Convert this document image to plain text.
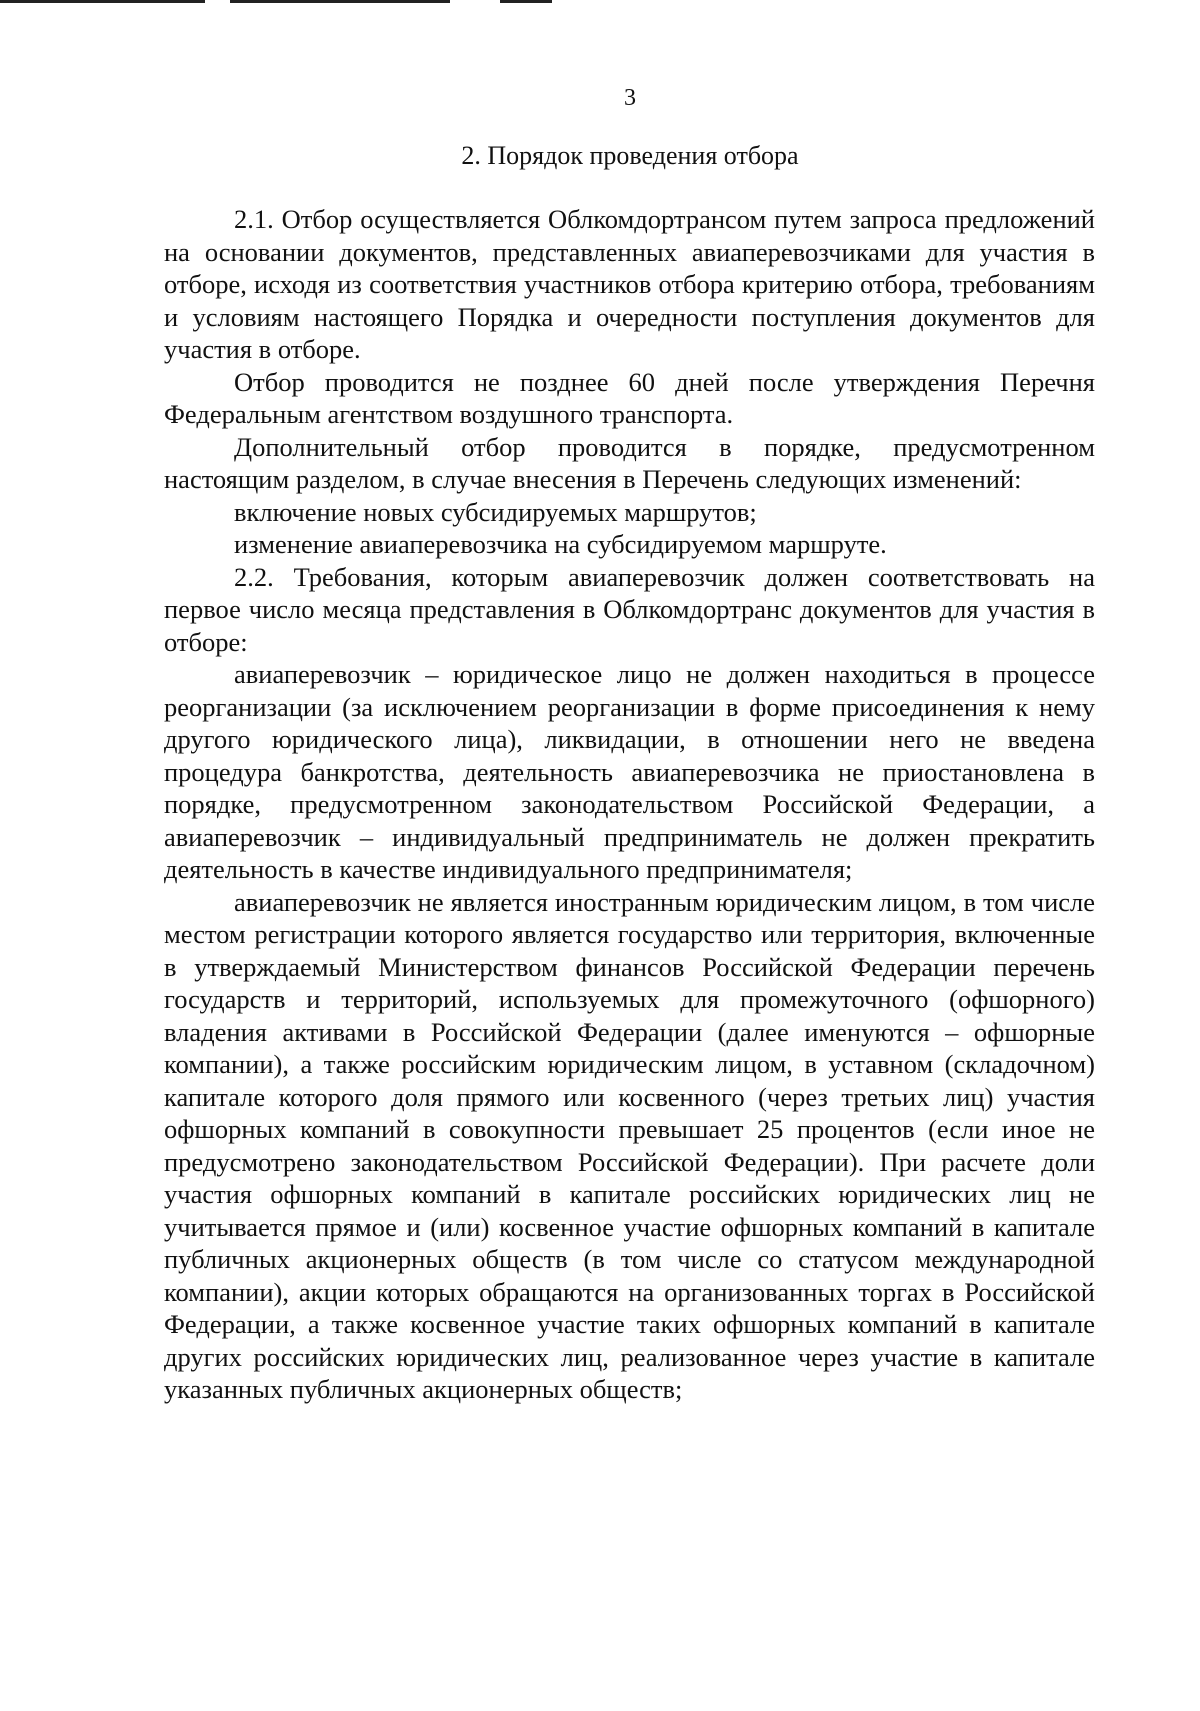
3
2. Порядок проведения отбора

2.1. Отбор осуществляется Облкомдортрансом путем запроса предложений на основании документов, представленных авиаперевозчиками для участия в отборе, исходя из соответствия участников отбора критерию отбора, требованиям и условиям настоящего Порядка и очередности поступления документов для участия в отборе.

Отбор проводится не позднее 60 дней после утверждения Перечня Федеральным агентством воздушного транспорта.

Дополнительный отбор проводится в порядке, предусмотренном настоящим разделом, в случае внесения в Перечень следующих изменений:

включение новых субсидируемых маршрутов;

изменение авиаперевозчика на субсидируемом маршруте.

2.2. Требования, которым авиаперевозчик должен соответствовать на первое число месяца представления в Облкомдортранс документов для участия в отборе:

авиаперевозчик – юридическое лицо не должен находиться в процессе реорганизации (за исключением реорганизации в форме присоединения к нему другого юридического лица), ликвидации, в отношении него не введена процедура банкротства, деятельность авиаперевозчика не приостановлена в порядке, предусмотренном законодательством Российской Федерации, а авиаперевозчик – индивидуальный предприниматель не должен прекратить деятельность в качестве индивидуального предпринимателя;

авиаперевозчик не является иностранным юридическим лицом, в том числе местом регистрации которого является государство или территория, включенные в утверждаемый Министерством финансов Российской Федерации перечень государств и территорий, используемых для промежуточного (офшорного) владения активами в Российской Федерации (далее именуются – офшорные компании), а также российским юридическим лицом, в уставном (складочном) капитале которого доля прямого или косвенного (через третьих лиц) участия офшорных компаний в совокупности превышает 25 процентов (если иное не предусмотрено законодательством Российской Федерации). При расчете доли участия офшорных компаний в капитале российских юридических лиц не учитывается прямое и (или) косвенное участие офшорных компаний в капитале публичных акционерных обществ (в том числе со статусом международной компании), акции которых обращаются на организованных торгах в Российской Федерации, а также косвенное участие таких офшорных компаний в капитале других российских юридических лиц, реализованное через участие в капитале указанных публичных акционерных обществ;
